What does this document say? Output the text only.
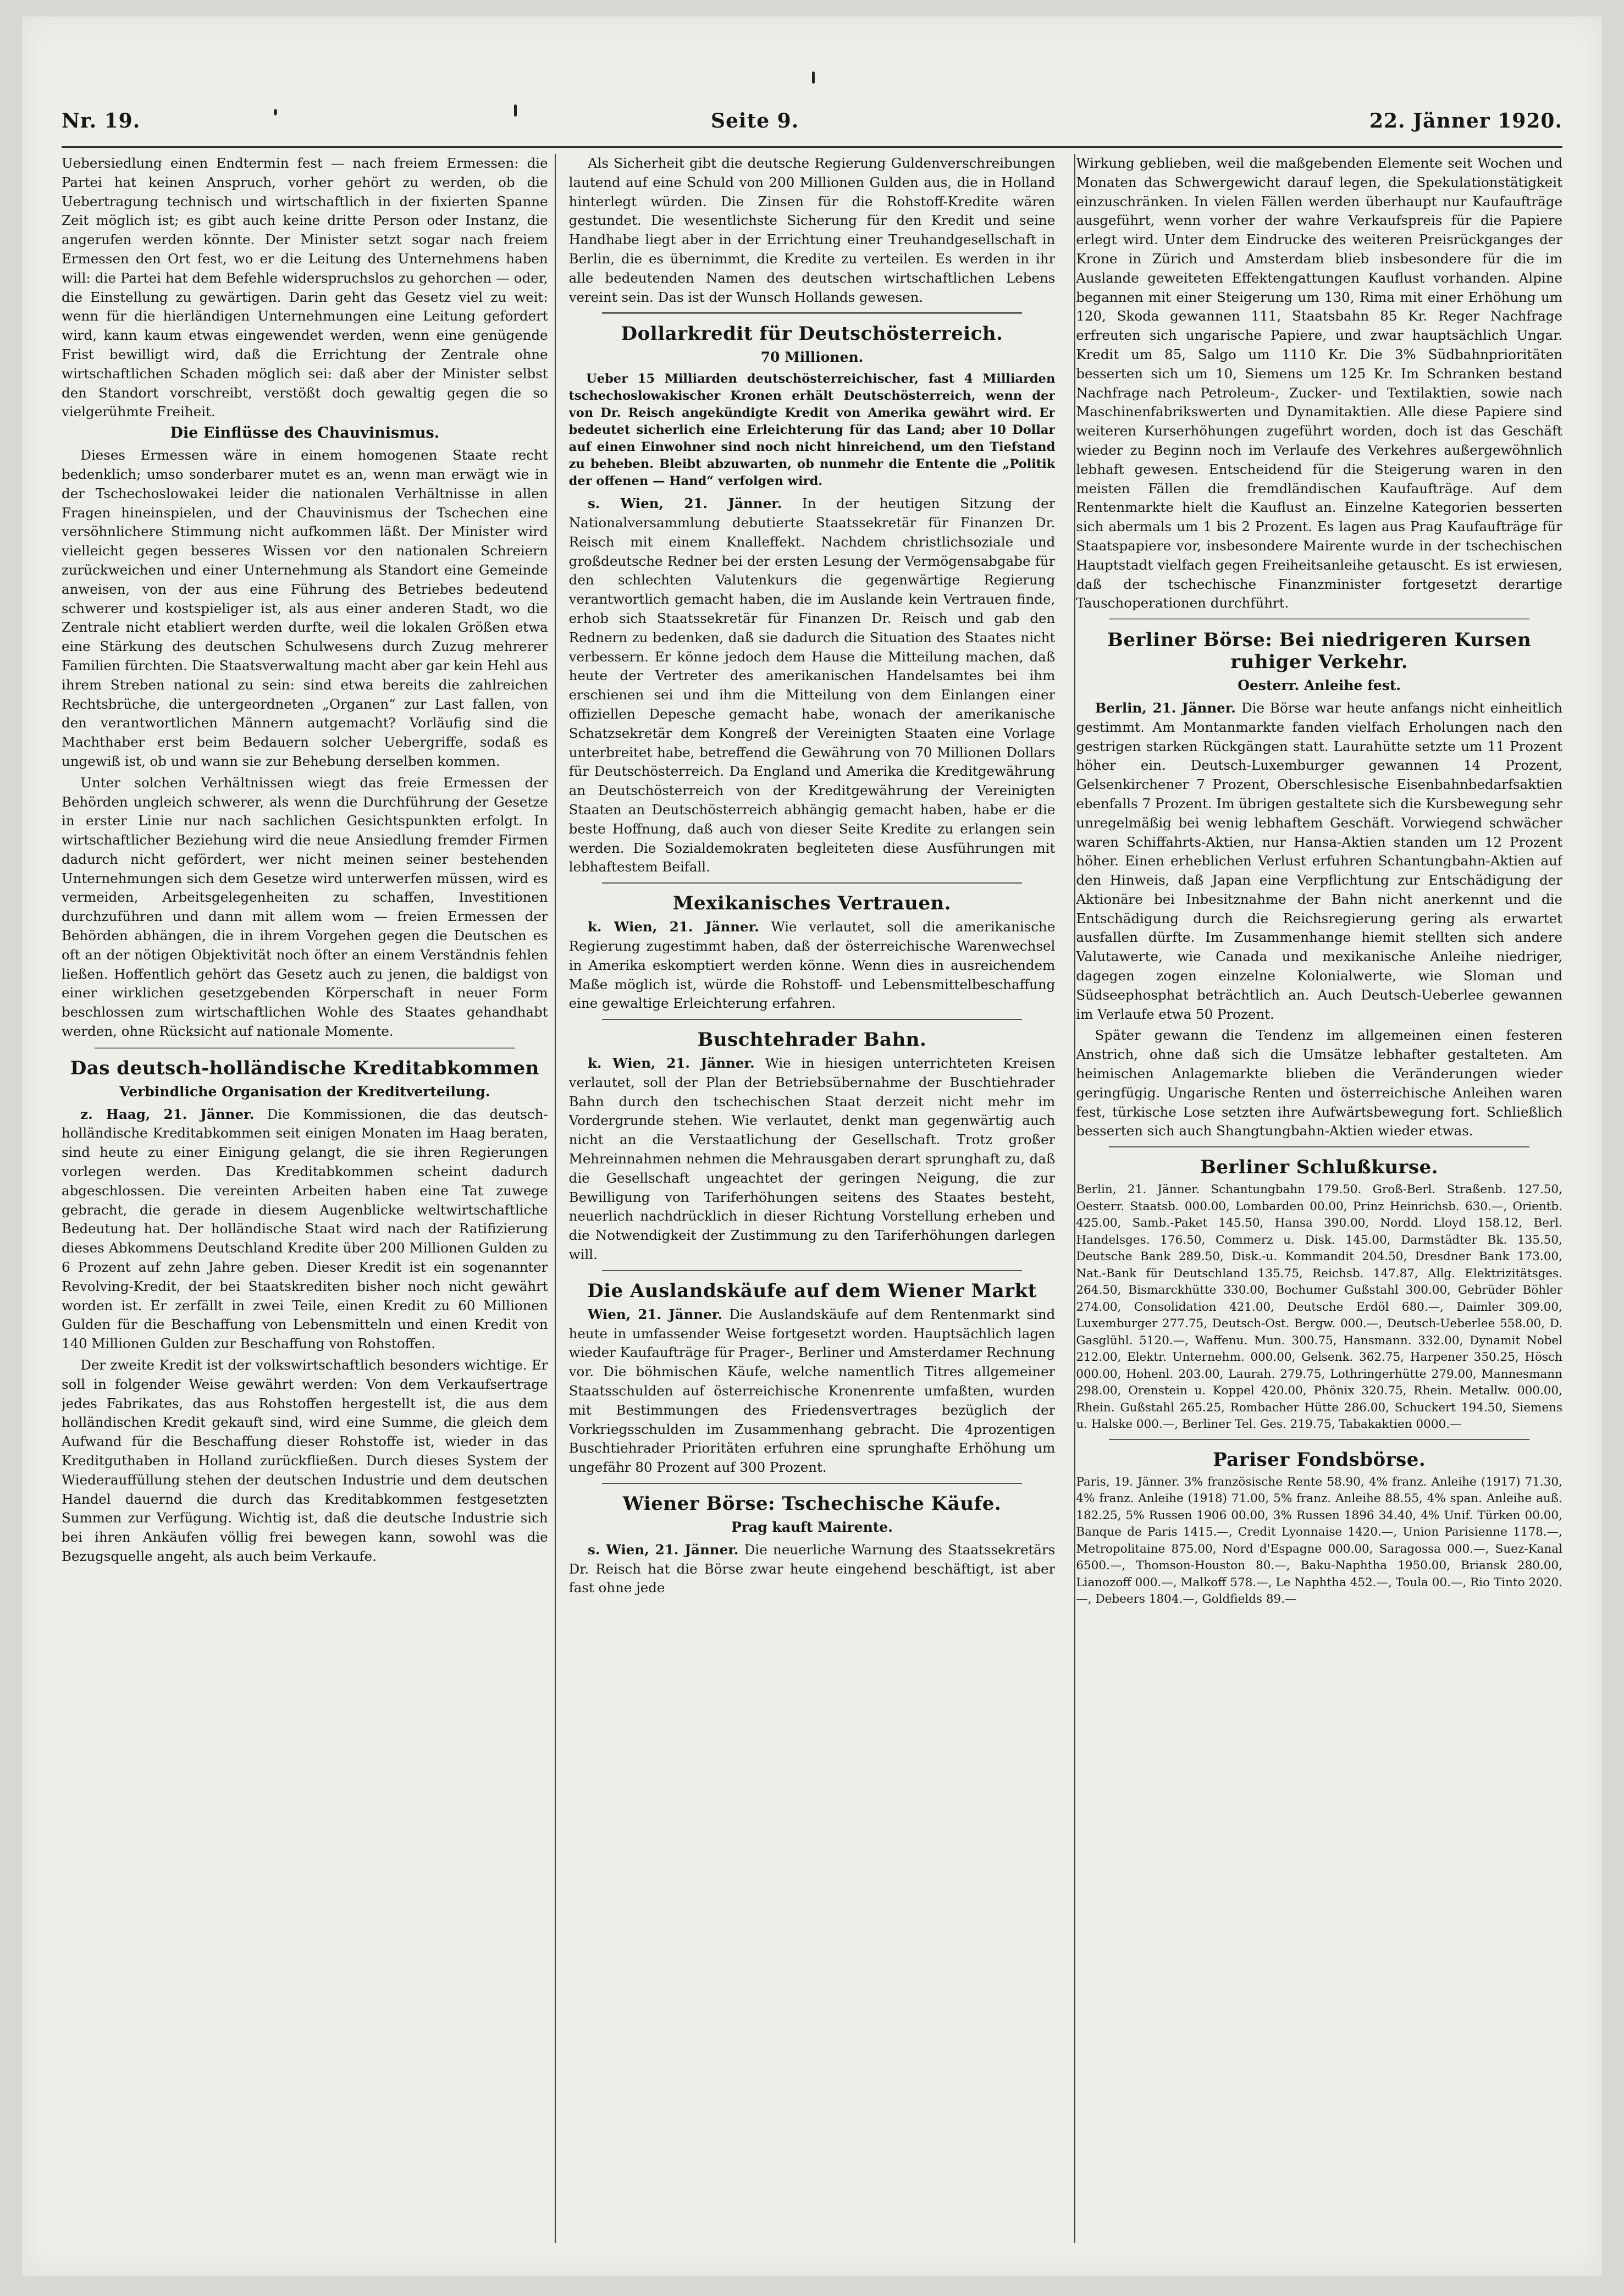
Nr. 19.	Seite 9.	22. Jänner 1920.

Uebersiedlung einen Endtermin fest — nach freiem Ermessen: die Partei hat keinen Anspruch, vorher gehört zu werden, ob die Uebertragung technisch und wirtschaftlich in der fixierten Spanne Zeit möglich ist; es gibt auch keine dritte Person oder Instanz, die angerufen werden könnte. Der Minister setzt sogar nach freiem Ermessen den Ort fest, wo er die Leitung des Unternehmens haben will: die Partei hat dem Befehle widerspruchslos zu gehorchen — oder, die Einstellung zu gewärtigen. Darin geht das Gesetz viel zu weit: wenn für die hierländigen Unternehmungen eine Leitung gefordert wird, kann kaum etwas eingewendet werden, wenn eine genügende Frist bewilligt wird, daß die Errichtung der Zentrale ohne wirtschaftlichen Schaden möglich sei: daß aber der Minister selbst den Standort vorschreibt, verstößt doch gewaltig gegen die so vielgerühmte Freiheit.

Die Einflüsse des Chauvinismus.

Dieses Ermessen wäre in einem homogenen Staate recht bedenklich; umso sonderbarer mutet es an, wenn man erwägt wie in der Tschechoslowakei leider die nationalen Verhältnisse in allen Fragen hineinspielen, und der Chauvinismus der Tschechen eine versöhnlichere Stimmung nicht aufkommen läßt. Der Minister wird vielleicht gegen besseres Wissen vor den nationalen Schreiern zurückweichen und einer Unternehmung als Standort eine Gemeinde anweisen, von der aus eine Führung des Betriebes bedeutend schwerer und kostspieliger ist, als aus einer anderen Stadt, wo die Zentrale nicht etabliert werden durfte, weil die lokalen Größen etwa eine Stärkung des deutschen Schulwesens durch Zuzug mehrerer Familien fürchten. Die Staatsverwaltung macht aber gar kein Hehl aus ihrem Streben national zu sein: sind etwa bereits die zahlreichen Rechtsbrüche, die untergeordneten „Organen“ zur Last fallen, von den verantwortlichen Männern autgemacht? Vorläufig sind die Machthaber erst beim Bedauern solcher Uebergriffe, sodaß es ungewiß ist, ob und wann sie zur Behebung derselben kommen.

Unter solchen Verhältnissen wiegt das freie Ermessen der Behörden ungleich schwerer, als wenn die Durchführung der Gesetze in erster Linie nur nach sachlichen Gesichtspunkten erfolgt. In wirtschaftlicher Beziehung wird die neue Ansiedlung fremder Firmen dadurch nicht gefördert, wer nicht meinen seiner bestehenden Unternehmungen sich dem Gesetze wird unterwerfen müssen, wird es vermeiden, Arbeitsgelegenheiten zu schaffen, Investitionen durchzuführen und dann mit allem wom — freien Ermessen der Behörden abhängen, die in ihrem Vorgehen gegen die Deutschen es oft an der nötigen Objektivität noch öfter an einem Verständnis fehlen ließen. Hoffentlich gehört das Gesetz auch zu jenen, die baldigst von einer wirklichen gesetzgebenden Körperschaft in neuer Form beschlossen zum wirtschaftlichen Wohle des Staates gehandhabt werden, ohne Rücksicht auf nationale Momente.

Das deutsch-holländische Kreditabkommen
Verbindliche Organisation der Kreditverteilung.

z. Haag, 21. Jänner. Die Kommissionen, die das deutsch-holländische Kreditabkommen seit einigen Monaten im Haag beraten, sind heute zu einer Einigung gelangt, die sie ihren Regierungen vorlegen werden. Das Kreditabkommen scheint dadurch abgeschlossen. Die vereinten Arbeiten haben eine Tat zuwege gebracht, die gerade in diesem Augenblicke weltwirtschaftliche Bedeutung hat. Der holländische Staat wird nach der Ratifizierung dieses Abkommens Deutschland Kredite über 200 Millionen Gulden zu 6 Prozent auf zehn Jahre geben. Dieser Kredit ist ein sogenannter Revolving-Kredit, der bei Staatskrediten bisher noch nicht gewährt worden ist. Er zerfällt in zwei Teile, einen Kredit zu 60 Millionen Gulden für die Beschaffung von Lebensmitteln und einen Kredit von 140 Millionen Gulden zur Beschaffung von Rohstoffen.

Der zweite Kredit ist der volkswirtschaftlich besonders wichtige. Er soll in folgender Weise gewährt werden: Von dem Verkaufsertrage jedes Fabrikates, das aus Rohstoffen hergestellt ist, die aus dem holländischen Kredit gekauft sind, wird eine Summe, die gleich dem Aufwand für die Beschaffung dieser Rohstoffe ist, wieder in das Kreditguthaben in Holland zurückfließen. Durch dieses System der Wiederauffüllung stehen der deutschen Industrie und dem deutschen Handel dauernd die durch das Kreditabkommen festgesetzten Summen zur Verfügung. Wichtig ist, daß die deutsche Industrie sich bei ihren Ankäufen völlig frei bewegen kann, sowohl was die Bezugsquelle angeht, als auch beim Verkaufe.

Als Sicherheit gibt die deutsche Regierung Guldenverschreibungen lautend auf eine Schuld von 200 Millionen Gulden aus, die in Holland hinterlegt würden. Die Zinsen für die Rohstoff-Kredite wären gestundet. Die wesentlichste Sicherung für den Kredit und seine Handhabe liegt aber in der Errichtung einer Treuhandgesellschaft in Berlin, die es übernimmt, die Kredite zu verteilen. Es werden in ihr alle bedeutenden Namen des deutschen wirtschaftlichen Lebens vereint sein. Das ist der Wunsch Hollands gewesen.

Dollarkredit für Deutschösterreich.
70 Millionen.

Ueber 15 Milliarden deutschösterreichischer, fast 4 Milliarden tschechoslowakischer Kronen erhält Deutschösterreich, wenn der von Dr. Reisch angekündigte Kredit von Amerika gewährt wird. Er bedeutet sicherlich eine Erleichterung für das Land; aber 10 Dollar auf einen Einwohner sind noch nicht hinreichend, um den Tiefstand zu beheben. Bleibt abzuwarten, ob nunmehr die Entente die „Politik der offenen — Hand“ verfolgen wird.

s. Wien, 21. Jänner. In der heutigen Sitzung der Nationalversammlung debutierte Staatssekretär für Finanzen Dr. Reisch mit einem Knalleffekt. Nachdem christlichsoziale und großdeutsche Redner bei der ersten Lesung der Vermögensabgabe für den schlechten Valutenkurs die gegenwärtige Regierung verantwortlich gemacht haben, die im Auslande kein Vertrauen finde, erhob sich Staatssekretär für Finanzen Dr. Reisch und gab den Rednern zu bedenken, daß sie dadurch die Situation des Staates nicht verbessern. Er könne jedoch dem Hause die Mitteilung machen, daß heute der Vertreter des amerikanischen Handelsamtes bei ihm erschienen sei und ihm die Mitteilung von dem Einlangen einer offiziellen Depesche gemacht habe, wonach der amerikanische Schatzsekretär dem Kongreß der Vereinigten Staaten eine Vorlage unterbreitet habe, betreffend die Gewährung von 70 Millionen Dollars für Deutschösterreich. Da England und Amerika die Kreditgewährung an Deutschösterreich von der Kreditgewährung der Vereinigten Staaten an Deutschösterreich abhängig gemacht haben, habe er die beste Hoffnung, daß auch von dieser Seite Kredite zu erlangen sein werden. Die Sozialdemokraten begleiteten diese Ausführungen mit lebhaftestem Beifall.

Mexikanisches Vertrauen.

k. Wien, 21. Jänner. Wie verlautet, soll die amerikanische Regierung zugestimmt haben, daß der österreichische Warenwechsel in Amerika eskomptiert werden könne. Wenn dies in ausreichendem Maße möglich ist, würde die Rohstoff- und Lebensmittelbeschaffung eine gewaltige Erleichterung erfahren.

Buschtehrader Bahn.

k. Wien, 21. Jänner. Wie in hiesigen unterrichteten Kreisen verlautet, soll der Plan der Betriebsübernahme der Buschtiehrader Bahn durch den tschechischen Staat derzeit nicht mehr im Vordergrunde stehen. Wie verlautet, denkt man gegenwärtig auch nicht an die Verstaatlichung der Gesellschaft. Trotz großer Mehreinnahmen nehmen die Mehrausgaben derart sprunghaft zu, daß die Gesellschaft ungeachtet der geringen Neigung, die zur Bewilligung von Tariferhöhungen seitens des Staates besteht, neuerlich nachdrücklich in dieser Richtung Vorstellung erheben und die Notwendigkeit der Zustimmung zu den Tariferhöhungen darlegen will.

Die Auslandskäufe auf dem Wiener Markt

Wien, 21. Jänner. Die Auslandskäufe auf dem Rentenmarkt sind heute in umfassender Weise fortgesetzt worden. Hauptsächlich lagen wieder Kaufaufträge für Prager-, Berliner und Amsterdamer Rechnung vor. Die böhmischen Käufe, welche namentlich Titres allgemeiner Staatsschulden auf österreichische Kronenrente umfaßten, wurden mit Bestimmungen des Friedensvertrages bezüglich der Vorkriegsschulden im Zusammenhang gebracht. Die 4prozentigen Buschtiehrader Prioritäten erfuhren eine sprunghafte Erhöhung um ungefähr 80 Prozent auf 300 Prozent.

Wiener Börse: Tschechische Käufe.
Prag kauft Mairente.

s. Wien, 21. Jänner. Die neuerliche Warnung des Staatssekretärs Dr. Reisch hat die Börse zwar heute eingehend beschäftigt, ist aber fast ohne jede

Wirkung geblieben, weil die maßgebenden Elemente seit Wochen und Monaten das Schwergewicht darauf legen, die Spekulationstätigkeit einzuschränken. In vielen Fällen werden überhaupt nur Kaufaufträge ausgeführt, wenn vorher der wahre Verkaufspreis für die Papiere erlegt wird. Unter dem Eindrucke des weiteren Preisrückganges der Krone in Zürich und Amsterdam blieb insbesondere für die im Auslande geweiteten Effektengattungen Kauflust vorhanden. Alpine begannen mit einer Steigerung um 130, Rima mit einer Erhöhung um 120, Skoda gewannen 111, Staatsbahn 85 Kr. Reger Nachfrage erfreuten sich ungarische Papiere, und zwar hauptsächlich Ungar. Kredit um 85, Salgo um 1110 Kr. Die 3% Südbahnprioritäten besserten sich um 10, Siemens um 125 Kr. Im Schranken bestand Nachfrage nach Petroleum-, Zucker- und Textilaktien, sowie nach Maschinenfabrikswerten und Dynamitaktien. Alle diese Papiere sind weiteren Kurserhöhungen zugeführt worden, doch ist das Geschäft wieder zu Beginn noch im Verlaufe des Verkehres außergewöhnlich lebhaft gewesen. Entscheidend für die Steigerung waren in den meisten Fällen die fremdländischen Kaufaufträge. Auf dem Rentenmarkte hielt die Kauflust an. Einzelne Kategorien besserten sich abermals um 1 bis 2 Prozent. Es lagen aus Prag Kaufaufträge für Staatspapiere vor, insbesondere Mairente wurde in der tschechischen Hauptstadt vielfach gegen Freiheitsanleihe getauscht. Es ist erwiesen, daß der tschechische Finanzminister fortgesetzt derartige Tauschoperationen durchführt.

Berliner Börse: Bei niedrigeren Kursen ruhiger Verkehr.
Oesterr. Anleihe fest.

Berlin, 21. Jänner. Die Börse war heute anfangs nicht einheitlich gestimmt. Am Montanmarkte fanden vielfach Erholungen nach den gestrigen starken Rückgängen statt. Laurahütte setzte um 11 Prozent höher ein. Deutsch-Luxemburger gewannen 14 Prozent, Gelsenkirchener 7 Prozent, Oberschlesische Eisenbahnbedarfsaktien ebenfalls 7 Prozent. Im übrigen gestaltete sich die Kursbewegung sehr unregelmäßig bei wenig lebhaftem Geschäft. Vorwiegend schwächer waren Schiffahrts-Aktien, nur Hansa-Aktien standen um 12 Prozent höher. Einen erheblichen Verlust erfuhren Schantungbahn-Aktien auf den Hinweis, daß Japan eine Verpflichtung zur Entschädigung der Aktionäre bei Inbesitznahme der Bahn nicht anerkennt und die Entschädigung durch die Reichsregierung gering als erwartet ausfallen dürfte. Im Zusammenhange hiemit stellten sich andere Valutawerte, wie Canada und mexikanische Anleihe niedriger, dagegen zogen einzelne Kolonialwerte, wie Sloman und Südseephosphat beträchtlich an. Auch Deutsch-Ueberlee gewannen im Verlaufe etwa 50 Prozent.

Später gewann die Tendenz im allgemeinen einen festeren Anstrich, ohne daß sich die Umsätze lebhafter gestalteten. Am heimischen Anlagemarkte blieben die Veränderungen wieder geringfügig. Ungarische Renten und österreichische Anleihen waren fest, türkische Lose setzten ihre Aufwärtsbewegung fort. Schließlich besserten sich auch Shangtungbahn-Aktien wieder etwas.

Berliner Schlußkurse.

Berlin, 21. Jänner. Schantungbahn 179.50. Groß-Berl. Straßenb. 127.50, Oesterr. Staatsb. 000.00, Lombarden 00.00, Prinz Heinrichsb. 630.—, Orientb. 425.00, Samb.-Paket 145.50, Hansa 390.00, Nordd. Lloyd 158.12, Berl. Handelsges. 176.50, Commerz u. Disk. 145.00, Darmstädter Bk. 135.50, Deutsche Bank 289.50, Disk.-u. Kommandit 204.50, Dresdner Bank 173.00, Nat.-Bank für Deutschland 135.75, Reichsb. 147.87, Allg. Elektrizitätsges. 264.50, Bismarckhütte 330.00, Bochumer Gußstahl 300.00, Gebrüder Böhler 274.00, Consolidation 421.00, Deutsche Erdöl 680.—, Daimler 309.00, Luxemburger 277.75, Deutsch-Ost. Bergw. 000.—, Deutsch-Ueberlee 558.00, D. Gasglühl. 5120.—, Waffenu. Mun. 300.75, Hansmann. 332.00, Dynamit Nobel 212.00, Elektr. Unternehm. 000.00, Gelsenk. 362.75, Harpener 350.25, Hösch 000.00, Hohenl. 203.00, Laurah. 279.75, Lothringerhütte 279.00, Mannesmann 298.00, Orenstein u. Koppel 420.00, Phönix 320.75, Rhein. Metallw. 000.00, Rhein. Gußstahl 265.25, Rombacher Hütte 286.00, Schuckert 194.50, Siemens u. Halske 000.—, Berliner Tel. Ges. 219.75, Tabakaktien 0000.—

Pariser Fondsbörse.

Paris, 19. Jänner. 3% französische Rente 58.90, 4% franz. Anleihe (1917) 71.30, 4% franz. Anleihe (1918) 71.00, 5% franz. Anleihe 88.55, 4% span. Anleihe auß. 182.25, 5% Russen 1906 00.00, 3% Russen 1896 34.40, 4% Unif. Türken 00.00, Banque de Paris 1415.—, Credit Lyonnaise 1420.—, Union Parisienne 1178.—, Metropolitaine 875.00, Nord d'Espagne 000.00, Saragossa 000.—, Suez-Kanal 6500.—, Thomson-Houston 80.—, Baku-Naphtha 1950.00, Briansk 280.00, Lianozoff 000.—, Malkoff 578.—, Le Naphtha 452.—, Toula 00.—, Rio Tinto 2020.—, Debeers 1804.—, Goldfields 89.—
